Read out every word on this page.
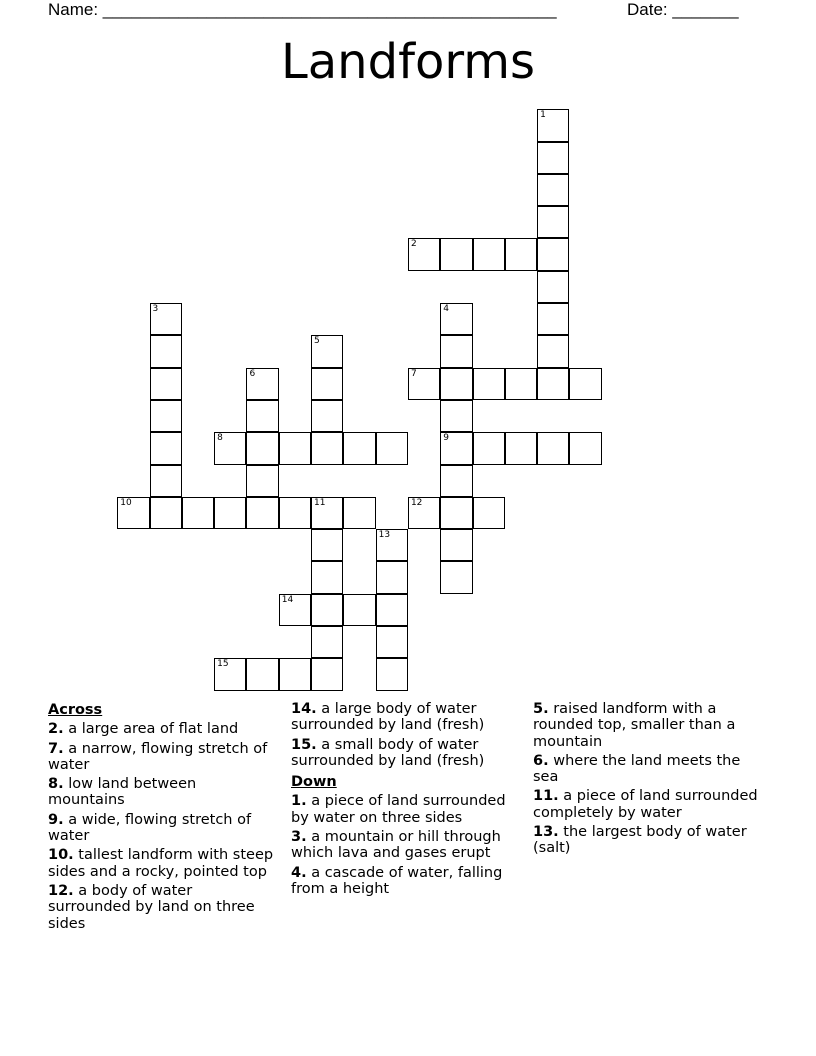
Name: ________________________________________________	Date: _______
Landforms
1
2
3	4
5
6	7
8	9
10	11	12
13
14
15
Across
2. a large area of flat land
7. a narrow, flowing stretch of water
8. low land between mountains
9. a wide, flowing stretch of water
10. tallest landform with steep sides and a rocky, pointed top
12. a body of water surrounded by land on three sides
14. a large body of water surrounded by land (fresh)
15. a small body of water surrounded by land (fresh)
Down
1. a piece of land surrounded by water on three sides
3. a mountain or hill through which lava and gases erupt
4. a cascade of water, falling from a height
5. raised landform with a rounded top, smaller than a mountain
6. where the land meets the sea
11. a piece of land surrounded completely by water
13. the largest body of water (salt)
